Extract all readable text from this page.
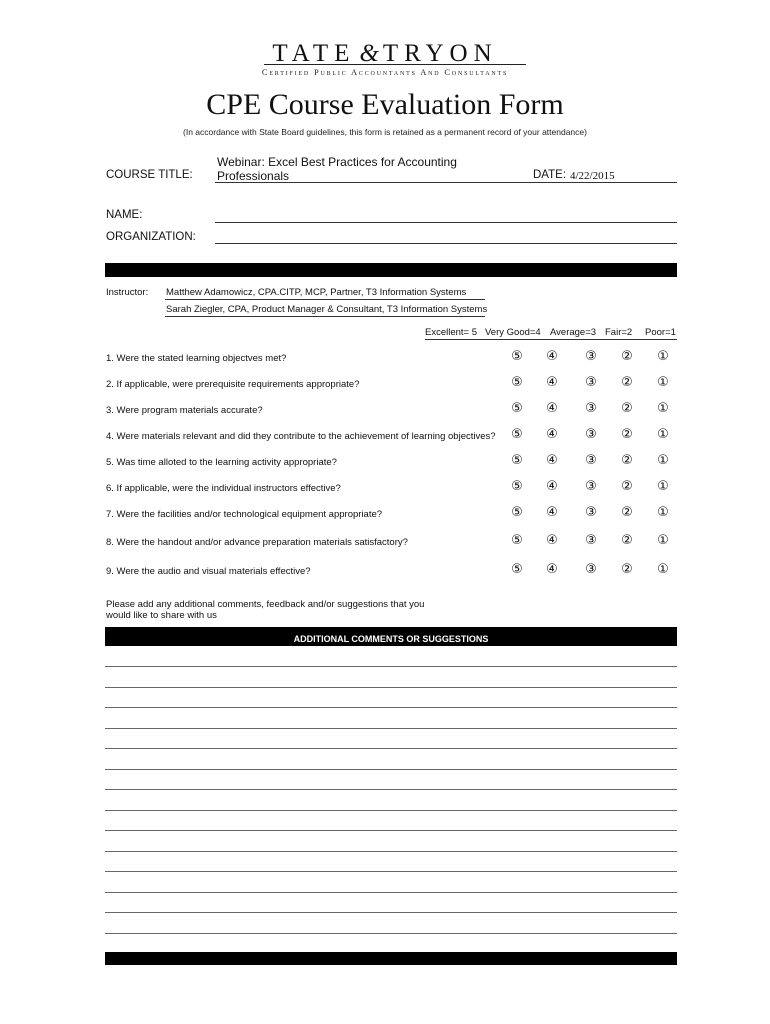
TATE & TRYON
Certified Public Accountants And Consultants
CPE Course Evaluation Form
(In accordance with State Board guidelines, this form is retained as a permanent record of your attendance)
COURSE TITLE:
Webinar: Excel Best Practices for Accounting Professionals	DATE: 4/22/2015
NAME:
ORGANIZATION:
Instructor: Matthew Adamowicz, CPA.CITP, MCP, Partner, T3 Information Systems
Sarah Ziegler, CPA, Product Manager & Consultant, T3 Information Systems
Excellent= 5 Very Good=4 Average=3 Fair=2 Poor=1
1. Were the stated learning objectves met?	⑤	④	③	②	①
2. If applicable, were prerequisite requirements appropriate?	⑤	④	③	②	①
3. Were program materials accurate?	⑤	④	③	②	①
4. Were materials relevant and did they contribute to the achievement of learning objectives?	⑤	④	③	②	①
5. Was time alloted to the learning activity appropriate?	⑤	④	③	②	①
6. If applicable, were the individual instructors effective?	⑤	④	③	②	①
7. Were the facilities and/or technological equipment appropriate?	⑤	④	③	②	①
8. Were the handout and/or advance preparation materials satisfactory?	⑤	④	③	②	①
9. Were the audio and visual materials effective?	⑤	④	③	②	①
Please add any additional comments, feedback and/or suggestions that you
would like to share with us
ADDITIONAL COMMENTS OR SUGGESTIONS
